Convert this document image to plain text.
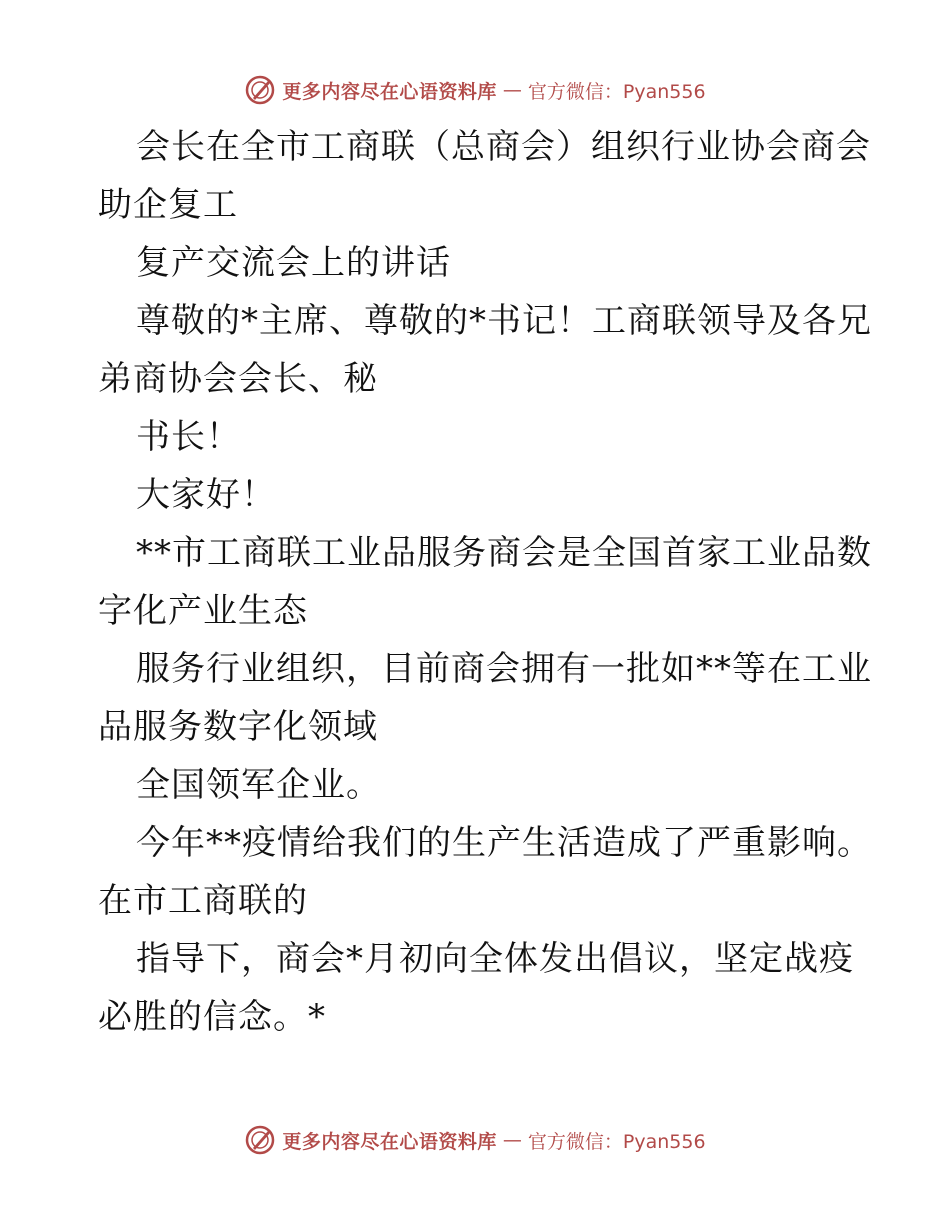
更多内容尽在心语资料库 — 官方微信：Pyan556
会长在全市工商联（总商会）组织行业协会商会
助企复工
复产交流会上的讲话
尊敬的*主席、尊敬的*书记！工商联领导及各兄
弟商协会会长、秘
书长！
大家好！
**市工商联工业品服务商会是全国首家工业品数
字化产业生态
服务行业组织，目前商会拥有一批如**等在工业
品服务数字化领域
全国领军企业。
今年**疫情给我们的生产生活造成了严重影响。
在市工商联的
指导下，商会*月初向全体发出倡议，坚定战疫
必胜的信念。*
更多内容尽在心语资料库 — 官方微信：Pyan556
